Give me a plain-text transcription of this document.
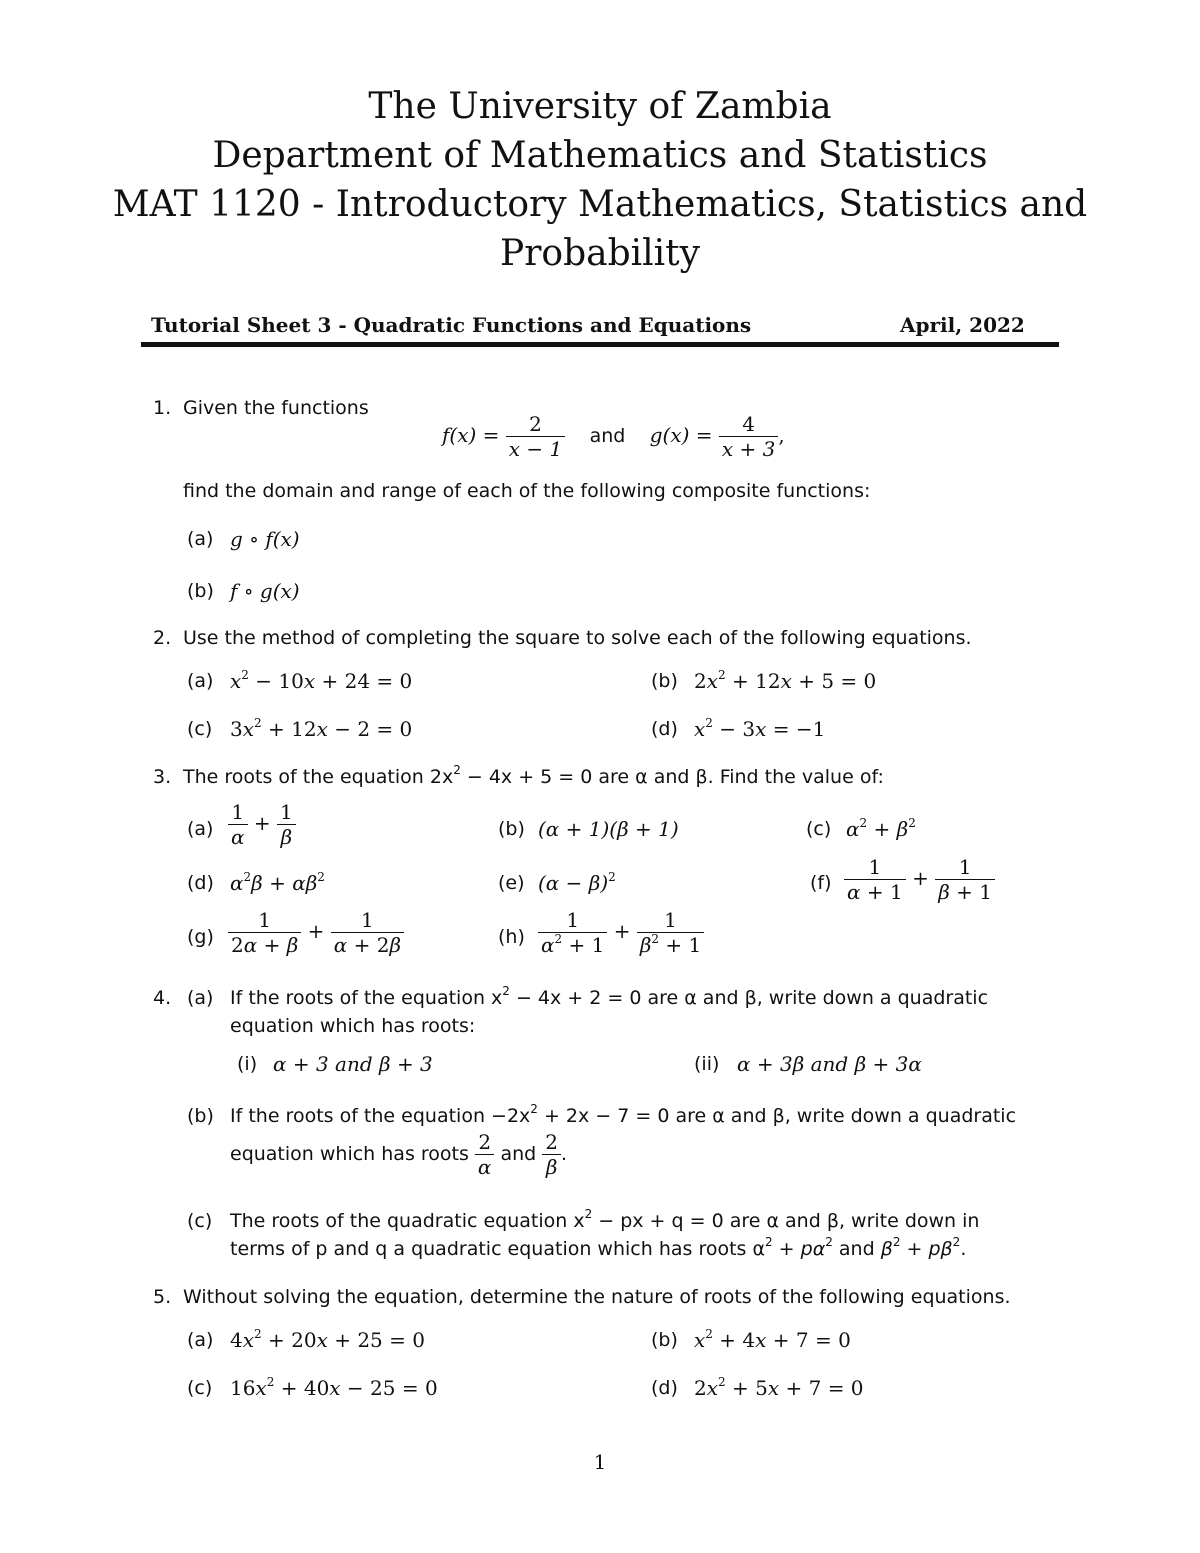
The University of Zambia
Department of Mathematics and Statistics
MAT 1120 - Introductory Mathematics, Statistics and
Probability
Tutorial Sheet 3 - Quadratic Functions and Equations	April, 2022
1. Given the functions
$f(x) = \frac{2}{x - 1}$ and $g(x) = \frac{4}{x + 3}$ ,
find the domain and range of each of the following composite functions:
(a) g ∘ f(x)
(b) f ∘ g(x)
2. Use the method of completing the square to solve each of the following equations.
(a) $x^2 - 10x + 24 = 0$	(b) $2x^2 + 12x + 5 = 0$
(c) $3x^2 + 12x - 2 = 0$	(d) $x^2 - 3x = -1$
3. The roots of the equation $2x^2 - 4x + 5 = 0$ are α and β. Find the value of:
$(a) \frac{1}{\alpha} + \frac{1}{\beta}$	(b) (α + 1)(β + 1)	(c) $\alpha^2 + \beta^2$
(d) $\alpha^2\beta + \alpha\beta^2$	(e) $(\alpha - \beta)^2$	$(f) \frac{1}{\alpha + 1} + \frac{1}{\beta + 1}$
$(g) \frac{1}{2\alpha + \beta} + \frac{1}{\alpha + 2\beta}$	$(h) \frac{1}{\alpha^2 + 1} + \frac{1}{\beta^2 + 1}$
4. (a) If the roots of the equation $x^2 - 4x + 2 = 0$ are α and β, write down a quadratic
equation which has roots:
(i) α + 3 and β + 3	(ii) α + 3β and β + 3α
(b) If the roots of the equation $-2x^2 + 2x - 7 = 0$ are α and β, write down a quadratic
equation which has roots $\frac{2}{\alpha}$ and $\frac{2}{\beta}$ .
(c) The roots of the quadratic equation $x^2$ − px + q = 0 are α and β, write down in
terms of p and q a quadratic equation which has roots $\alpha^2 + p\alpha^2$ and $\beta^2 + p\beta^2$.
5. Without solving the equation, determine the nature of roots of the following equations.
(a) $4x^2 + 20x + 25 = 0$	(b) $x^2 + 4x + 7 = 0$
(c) $16x^2 + 40x - 25 = 0$	(d) $2x^2 + 5x + 7 = 0$
1
